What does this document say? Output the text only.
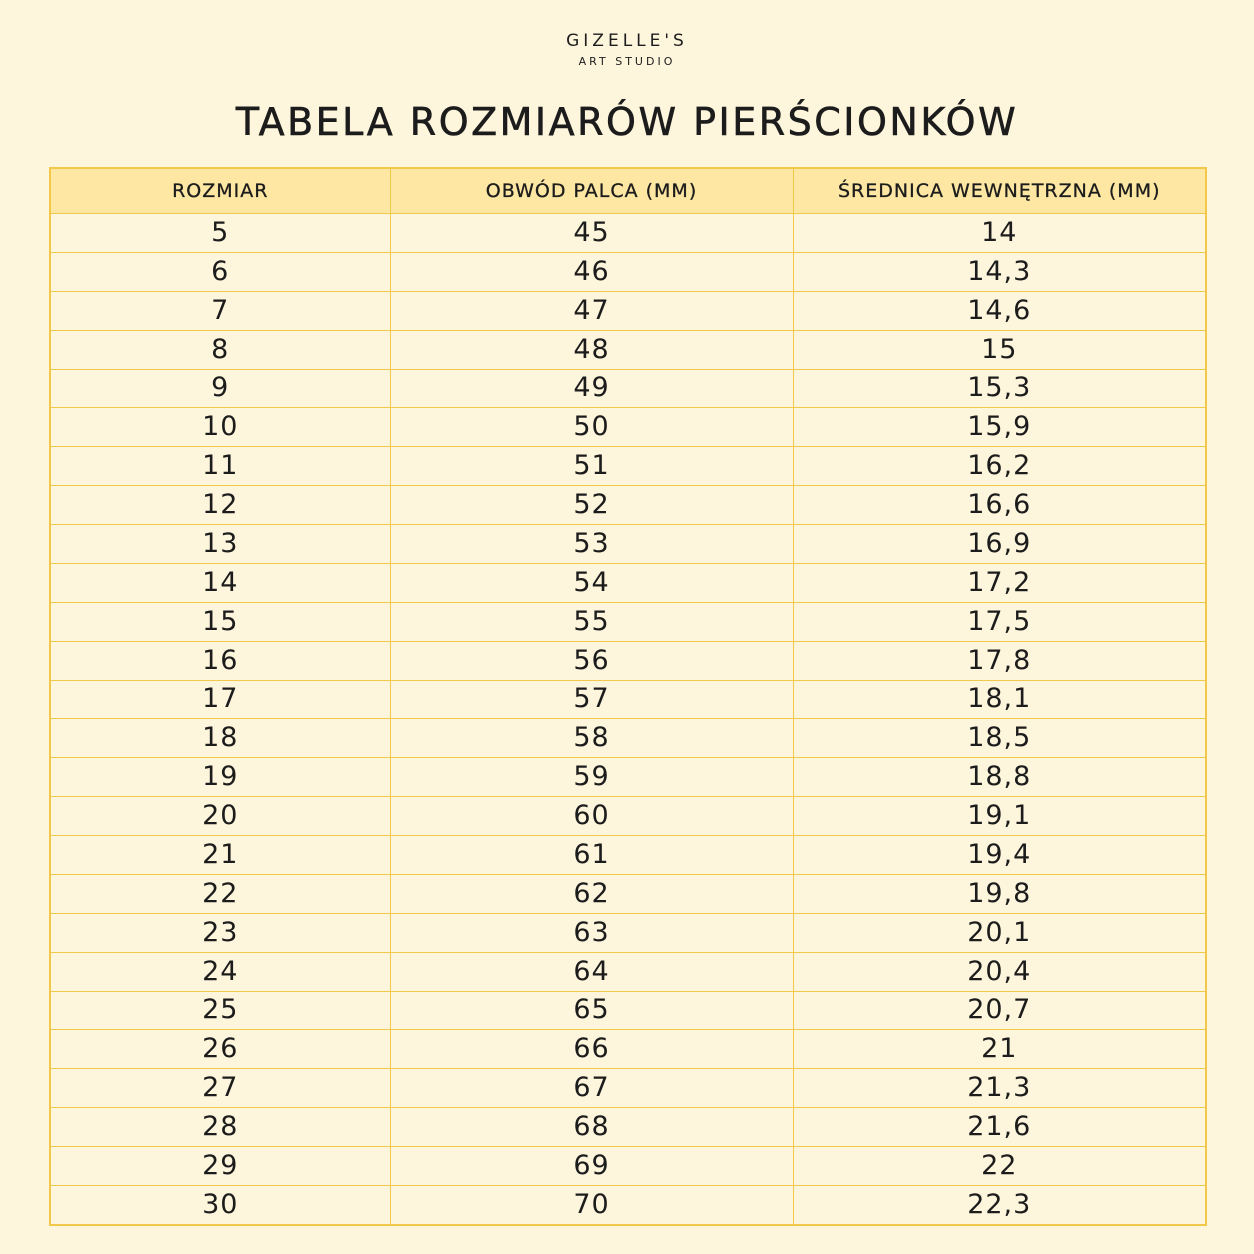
GIZELLE'S
ART STUDIO
TABELA ROZMIARÓW PIERŚCIONKÓW
ROZMIAR	OBWÓD PALCA (MM)	ŚREDNICA WEWNĘTRZNA (MM)
5	45	14
6	46	14,3
7	47	14,6
8	48	15
9	49	15,3
10	50	15,9
11	51	16,2
12	52	16,6
13	53	16,9
14	54	17,2
15	55	17,5
16	56	17,8
17	57	18,1
18	58	18,5
19	59	18,8
20	60	19,1
21	61	19,4
22	62	19,8
23	63	20,1
24	64	20,4
25	65	20,7
26	66	21
27	67	21,3
28	68	21,6
29	69	22
30	70	22,3
